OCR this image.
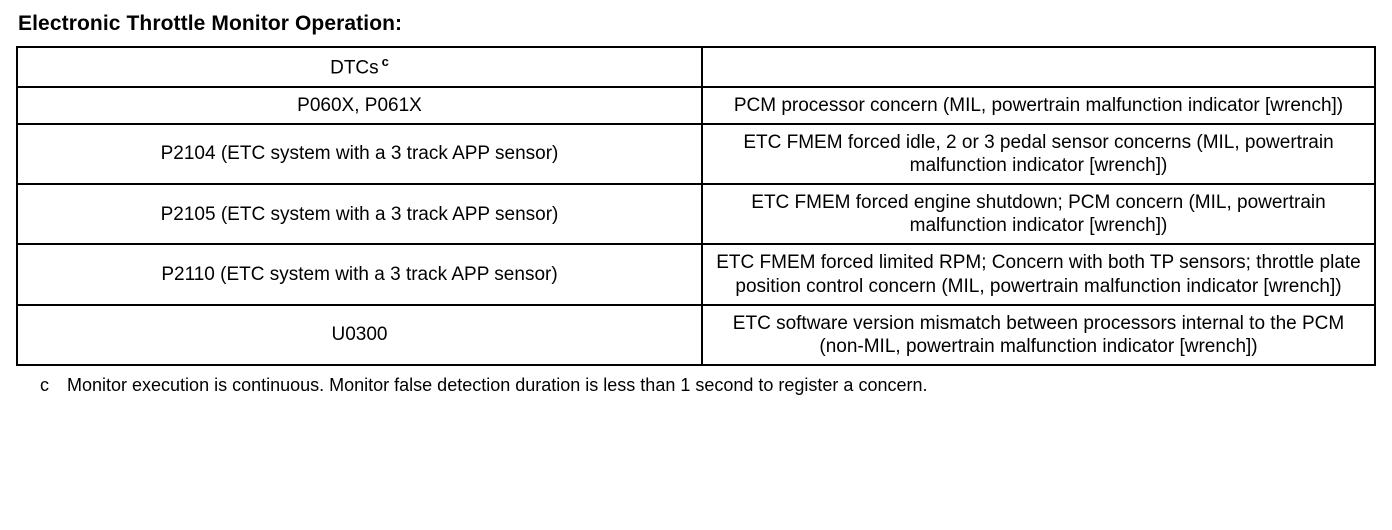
Electronic Throttle Monitor Operation:
DTCs $^c$	
P060X, P061X	PCM processor concern (MIL, powertrain malfunction indicator [wrench])
P2104 (ETC system with a 3 track APP sensor)	ETC FMEM forced idle, 2 or 3 pedal sensor concerns (MIL, powertrain malfunction indicator [wrench])
P2105 (ETC system with a 3 track APP sensor)	ETC FMEM forced engine shutdown; PCM concern (MIL, powertrain malfunction indicator [wrench])
P2110 (ETC system with a 3 track APP sensor)	ETC FMEM forced limited RPM; Concern with both TP sensors; throttle plate position control concern (MIL, powertrain malfunction indicator [wrench])
U0300	ETC software version mismatch between processors internal to the PCM (non-MIL, powertrain malfunction indicator [wrench])
c Monitor execution is continuous. Monitor false detection duration is less than 1 second to register a concern.
